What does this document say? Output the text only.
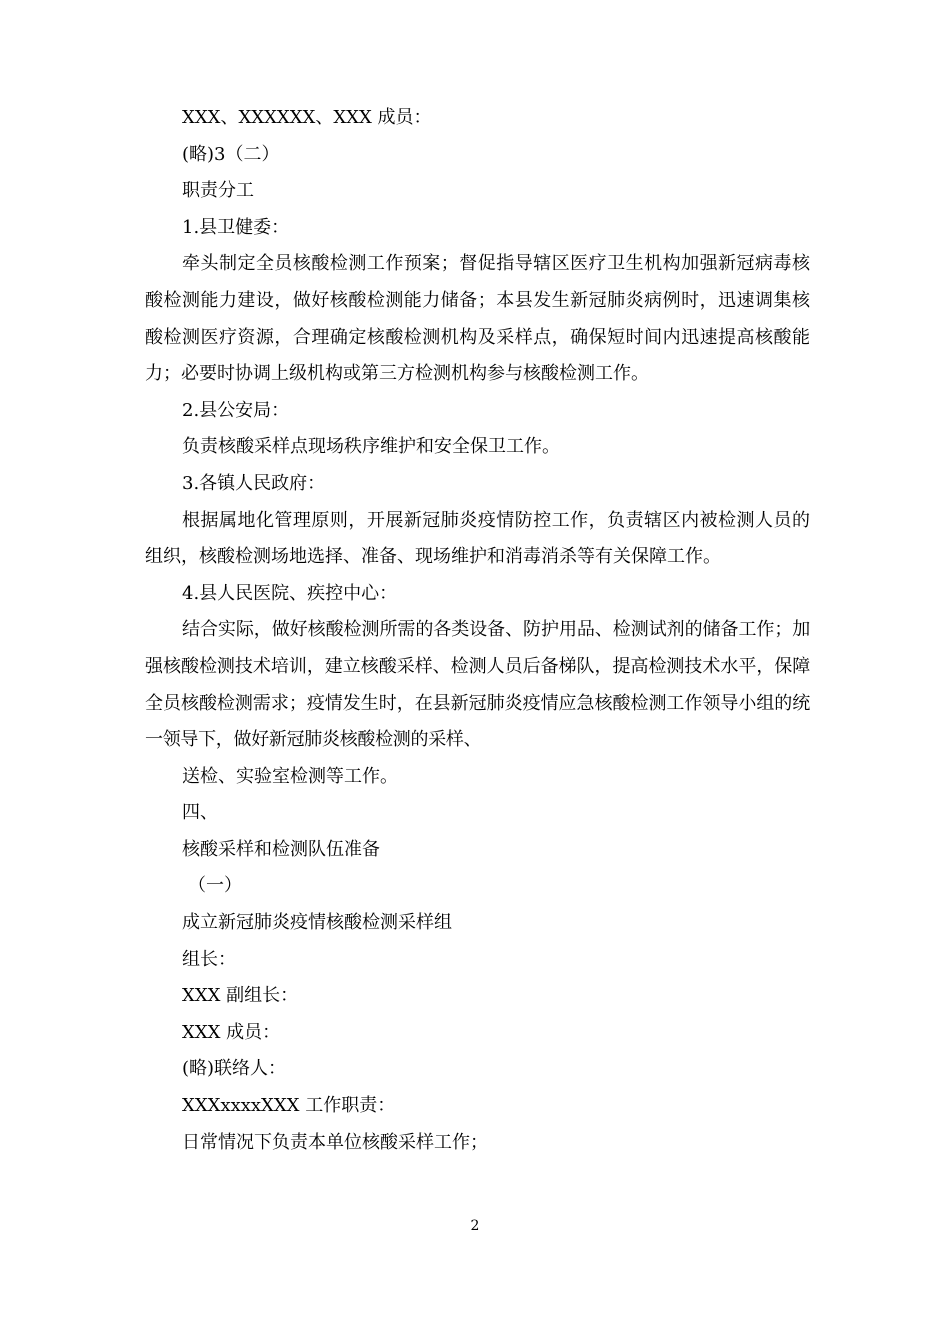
XXX、XXXXXX、XXX 成员：

(略)3（二）

职责分工

1.县卫健委：

牵头制定全员核酸检测工作预案；督促指导辖区医疗卫生机构加强新冠病毒核酸检测能力建设，做好核酸检测能力储备；本县发生新冠肺炎病例时，迅速调集核酸检测医疗资源，合理确定核酸检测机构及采样点，确保短时间内迅速提高核酸能力；必要时协调上级机构或第三方检测机构参与核酸检测工作。

2.县公安局：

负责核酸采样点现场秩序维护和安全保卫工作。

3.各镇人民政府：

根据属地化管理原则，开展新冠肺炎疫情防控工作，负责辖区内被检测人员的组织，核酸检测场地选择、准备、现场维护和消毒消杀等有关保障工作。

4.县人民医院、疾控中心：

结合实际，做好核酸检测所需的各类设备、防护用品、检测试剂的储备工作；加强核酸检测技术培训，建立核酸采样、检测人员后备梯队，提高检测技术水平，保障全员核酸检测需求；疫情发生时，在县新冠肺炎疫情应急核酸检测工作领导小组的统一领导下，做好新冠肺炎核酸检测的采样、

送检、实验室检测等工作。

四、

核酸采样和检测队伍准备

（一）

成立新冠肺炎疫情核酸检测采样组

组长：

XXX 副组长：

XXX 成员：

(略)联络人：

XXXxxxxXXX 工作职责：

日常情况下负责本单位核酸采样工作；

2
